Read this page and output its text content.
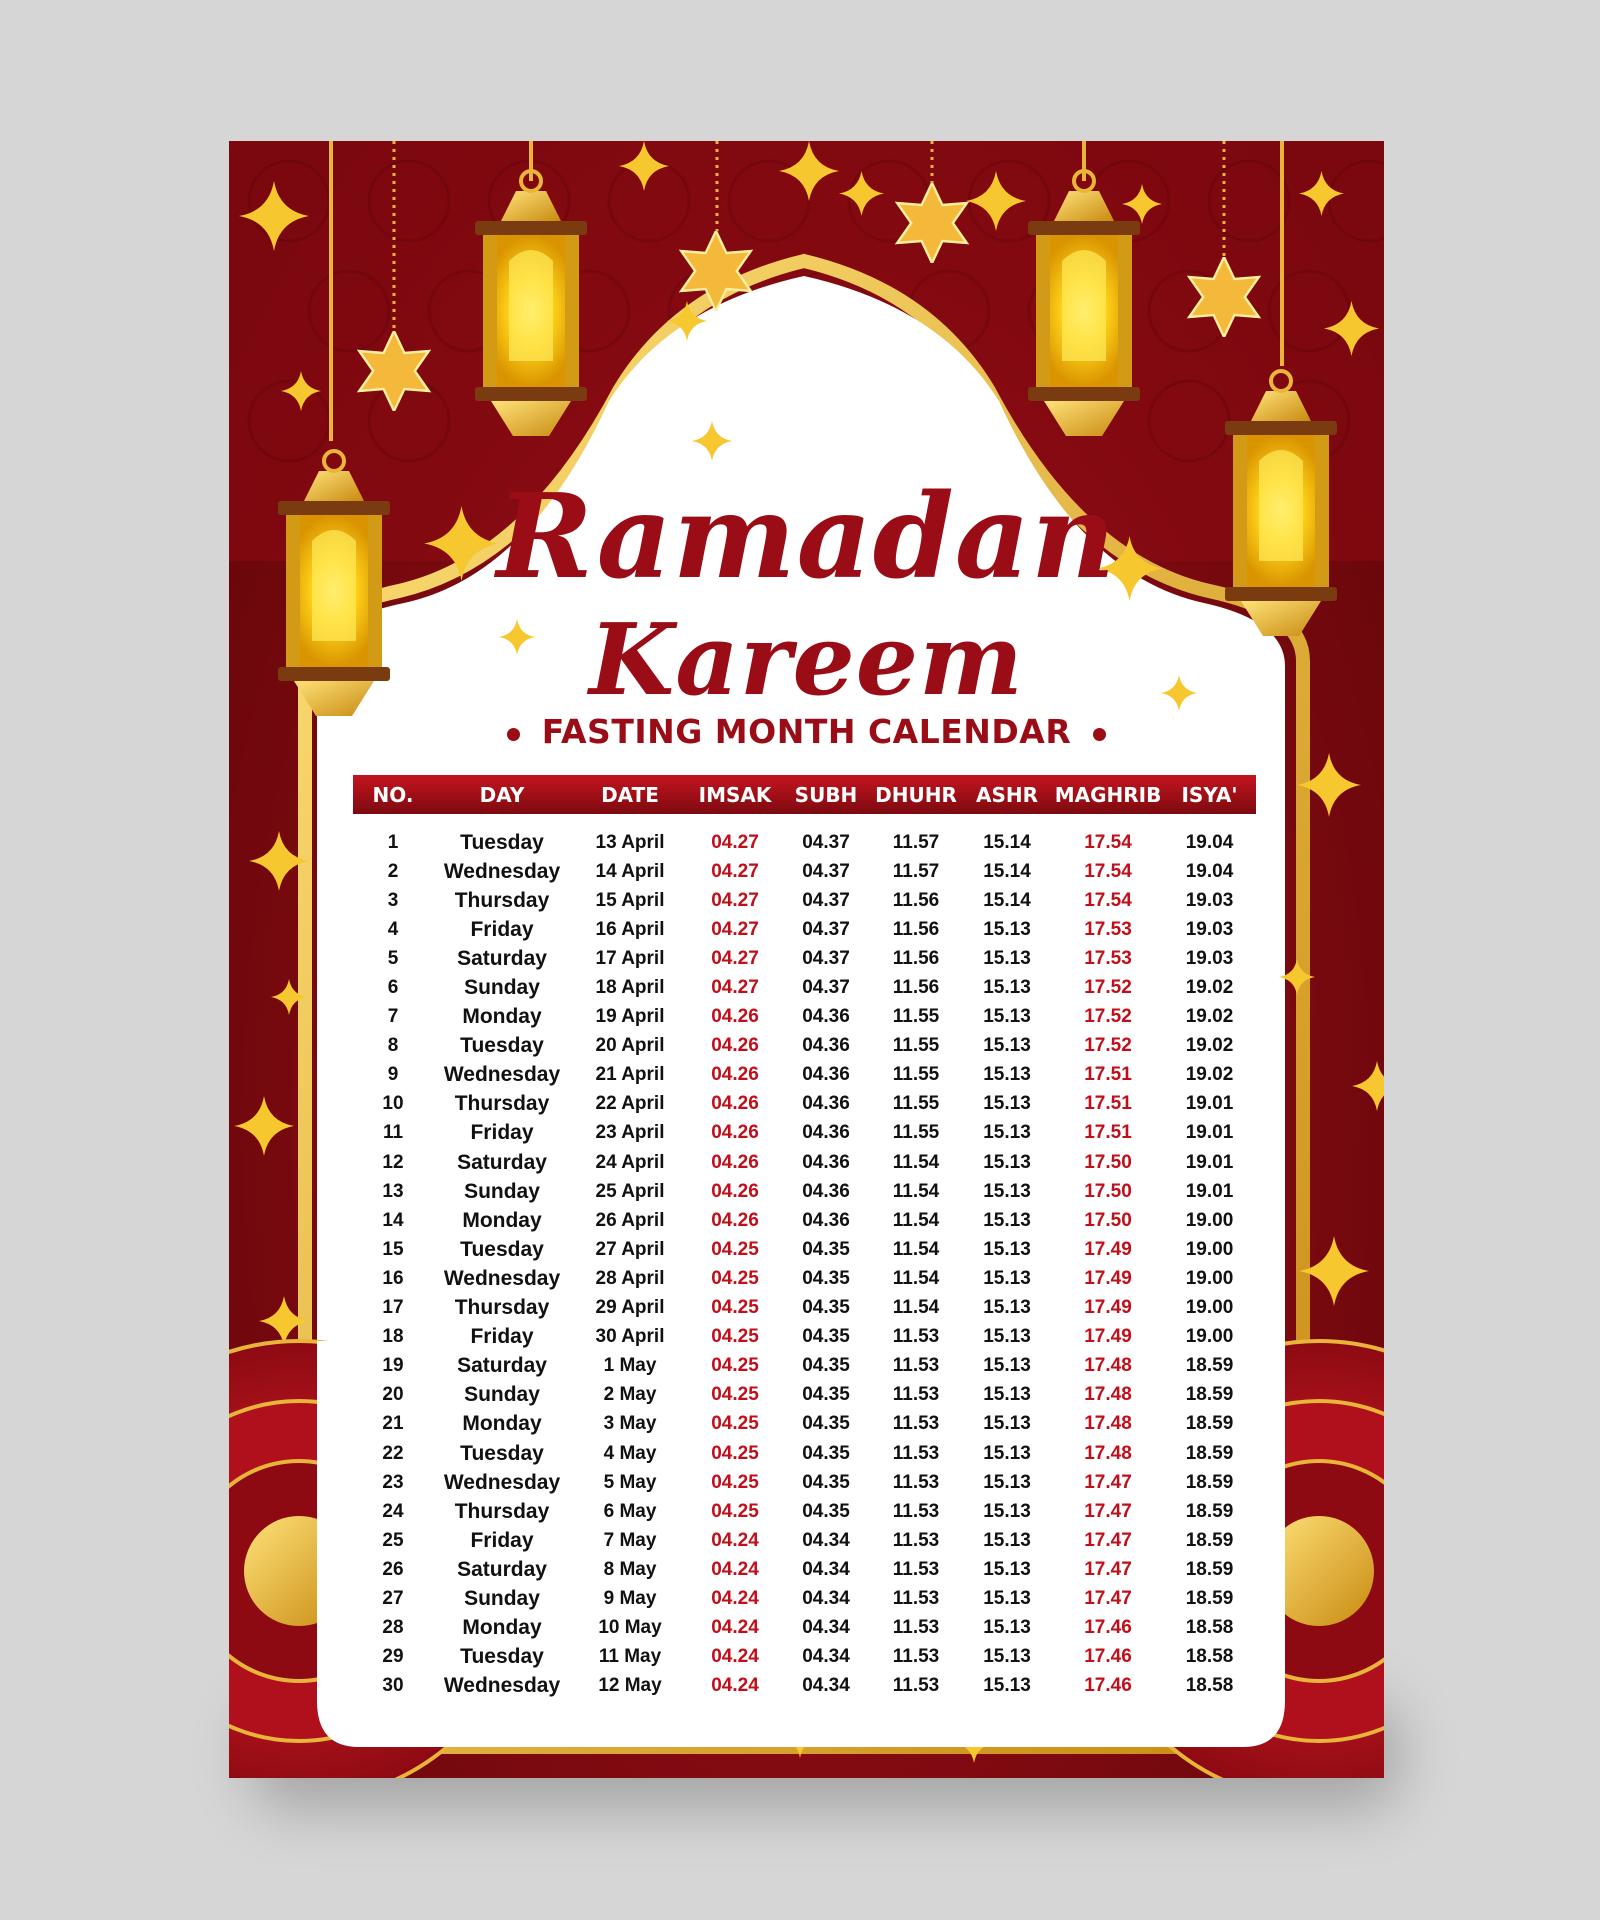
Ramadan
Kareem
FASTING MONTH CALENDAR
NO.	DAY	DATE	IMSAK	SUBH	DHUHR	ASHR	MAGHRIB	ISYA'
1	Tuesday	13 April	04.27	04.37	11.57	15.14	17.54	19.04
2	Wednesday	14 April	04.27	04.37	11.57	15.14	17.54	19.04
3	Thursday	15 April	04.27	04.37	11.56	15.14	17.54	19.03
4	Friday	16 April	04.27	04.37	11.56	15.13	17.53	19.03
5	Saturday	17 April	04.27	04.37	11.56	15.13	17.53	19.03
6	Sunday	18 April	04.27	04.37	11.56	15.13	17.52	19.02
7	Monday	19 April	04.26	04.36	11.55	15.13	17.52	19.02
8	Tuesday	20 April	04.26	04.36	11.55	15.13	17.52	19.02
9	Wednesday	21 April	04.26	04.36	11.55	15.13	17.51	19.02
10	Thursday	22 April	04.26	04.36	11.55	15.13	17.51	19.01
11	Friday	23 April	04.26	04.36	11.55	15.13	17.51	19.01
12	Saturday	24 April	04.26	04.36	11.54	15.13	17.50	19.01
13	Sunday	25 April	04.26	04.36	11.54	15.13	17.50	19.01
14	Monday	26 April	04.26	04.36	11.54	15.13	17.50	19.00
15	Tuesday	27 April	04.25	04.35	11.54	15.13	17.49	19.00
16	Wednesday	28 April	04.25	04.35	11.54	15.13	17.49	19.00
17	Thursday	29 April	04.25	04.35	11.54	15.13	17.49	19.00
18	Friday	30 April	04.25	04.35	11.53	15.13	17.49	19.00
19	Saturday	1 May	04.25	04.35	11.53	15.13	17.48	18.59
20	Sunday	2 May	04.25	04.35	11.53	15.13	17.48	18.59
21	Monday	3 May	04.25	04.35	11.53	15.13	17.48	18.59
22	Tuesday	4 May	04.25	04.35	11.53	15.13	17.48	18.59
23	Wednesday	5 May	04.25	04.35	11.53	15.13	17.47	18.59
24	Thursday	6 May	04.25	04.35	11.53	15.13	17.47	18.59
25	Friday	7 May	04.24	04.34	11.53	15.13	17.47	18.59
26	Saturday	8 May	04.24	04.34	11.53	15.13	17.47	18.59
27	Sunday	9 May	04.24	04.34	11.53	15.13	17.47	18.59
28	Monday	10 May	04.24	04.34	11.53	15.13	17.46	18.58
29	Tuesday	11 May	04.24	04.34	11.53	15.13	17.46	18.58
30	Wednesday	12 May	04.24	04.34	11.53	15.13	17.46	18.58
